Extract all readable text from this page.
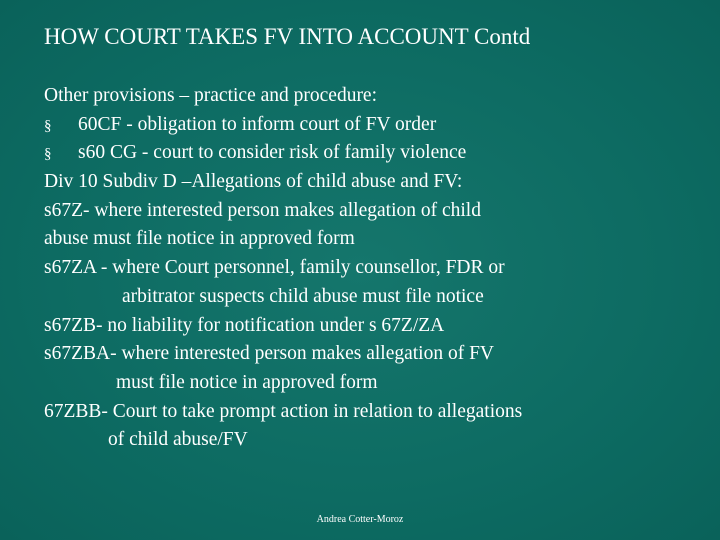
HOW COURT TAKES FV INTO ACCOUNT Contd
Other provisions – practice and procedure:
§	60CF - obligation to inform court of FV order
§	s60 CG - court to consider risk of family violence
Div 10 Subdiv D –Allegations of child abuse and FV:
s67Z- where interested person makes allegation of child
abuse must file notice in approved form
s67ZA - where Court personnel, family counsellor, FDR or
arbitrator suspects child abuse must file notice
s67ZB- no liability for notification under s 67Z/ZA
s67ZBA- where interested person makes allegation of FV
must file notice in approved form
67ZBB- Court to take prompt action in relation to allegations
of child abuse/FV
Andrea Cotter-Moroz
